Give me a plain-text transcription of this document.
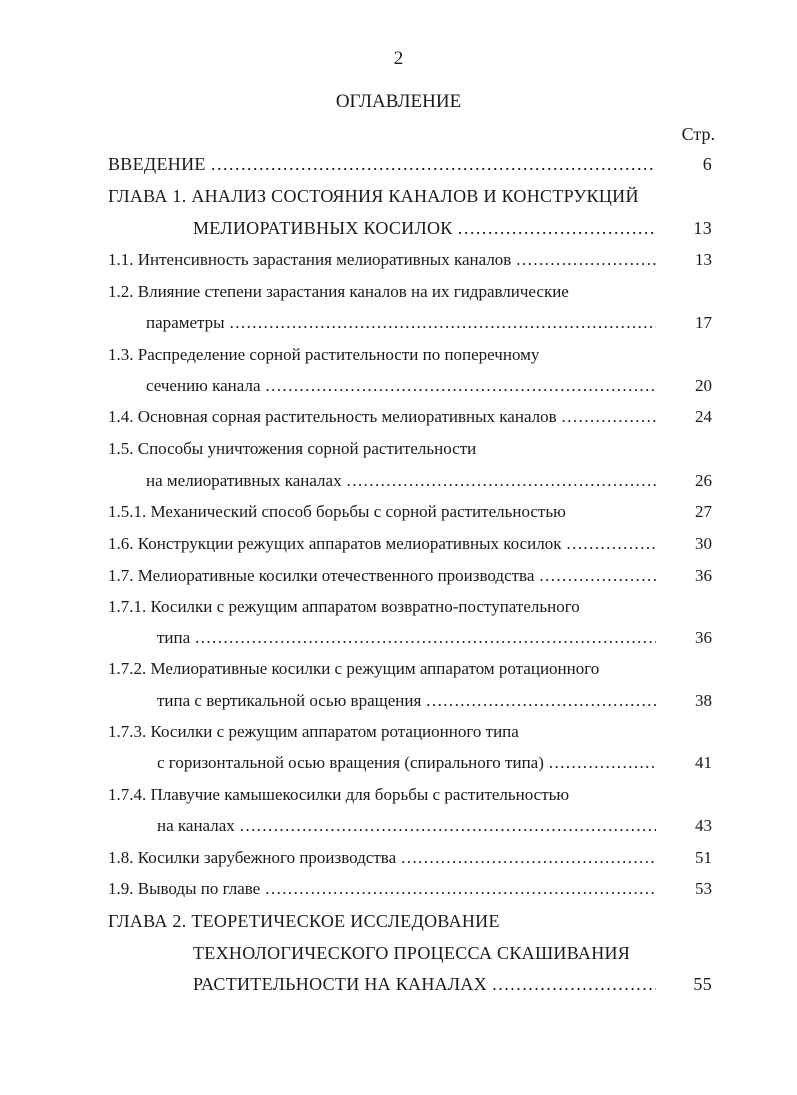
2
ОГЛАВЛЕНИЕ
Стр.
ВВЕДЕНИЕ ……………………………………………………………………………………………………………………………………………………………………	6
ГЛАВА 1. АНАЛИЗ СОСТОЯНИЯ КАНАЛОВ И КОНСТРУКЦИЙ
МЕЛИОРАТИВНЫХ КОСИЛОК ……………………………………………………………………………………………………………………………………………………………………	13
1.1. Интенсивность зарастания мелиоративных каналов ……………………………………………………………………………………………………………………………………………………………………	13
1.2. Влияние степени зарастания каналов на их гидравлические
параметры ……………………………………………………………………………………………………………………………………………………………………	17
1.3. Распределение сорной растительности по поперечному
сечению канала ……………………………………………………………………………………………………………………………………………………………………	20
1.4. Основная сорная растительность мелиоративных каналов ……………………………………………………………………………………………………………………………………………………………………	24
1.5. Способы уничтожения сорной растительности
на мелиоративных каналах ……………………………………………………………………………………………………………………………………………………………………	26
1.5.1. Механический способ борьбы с сорной растительностью	27
1.6. Конструкции режущих аппаратов мелиоративных косилок ……………………………………………………………………………………………………………………………………………………………………	30
1.7. Мелиоративные косилки отечественного производства ……………………………………………………………………………………………………………………………………………………………………	36
1.7.1. Косилки с режущим аппаратом возвратно-поступательного
типа ……………………………………………………………………………………………………………………………………………………………………	36
1.7.2. Мелиоративные косилки с режущим аппаратом ротационного
типа с вертикальной осью вращения ……………………………………………………………………………………………………………………………………………………………………	38
1.7.3. Косилки с режущим аппаратом ротационного типа
с горизонтальной осью вращения (спирального типа) ……………………………………………………………………………………………………………………………………………………………………	41
1.7.4. Плавучие камышекосилки для борьбы с растительностью
на каналах ……………………………………………………………………………………………………………………………………………………………………	43
1.8. Косилки зарубежного производства ……………………………………………………………………………………………………………………………………………………………………	51
1.9. Выводы по главе ……………………………………………………………………………………………………………………………………………………………………	53
ГЛАВА 2. ТЕОРЕТИЧЕСКОЕ ИССЛЕДОВАНИЕ
ТЕХНОЛОГИЧЕСКОГО ПРОЦЕССА СКАШИВАНИЯ
РАСТИТЕЛЬНОСТИ НА КАНАЛАХ ……………………………………………………………………………………………………………………………………………………………………	55
